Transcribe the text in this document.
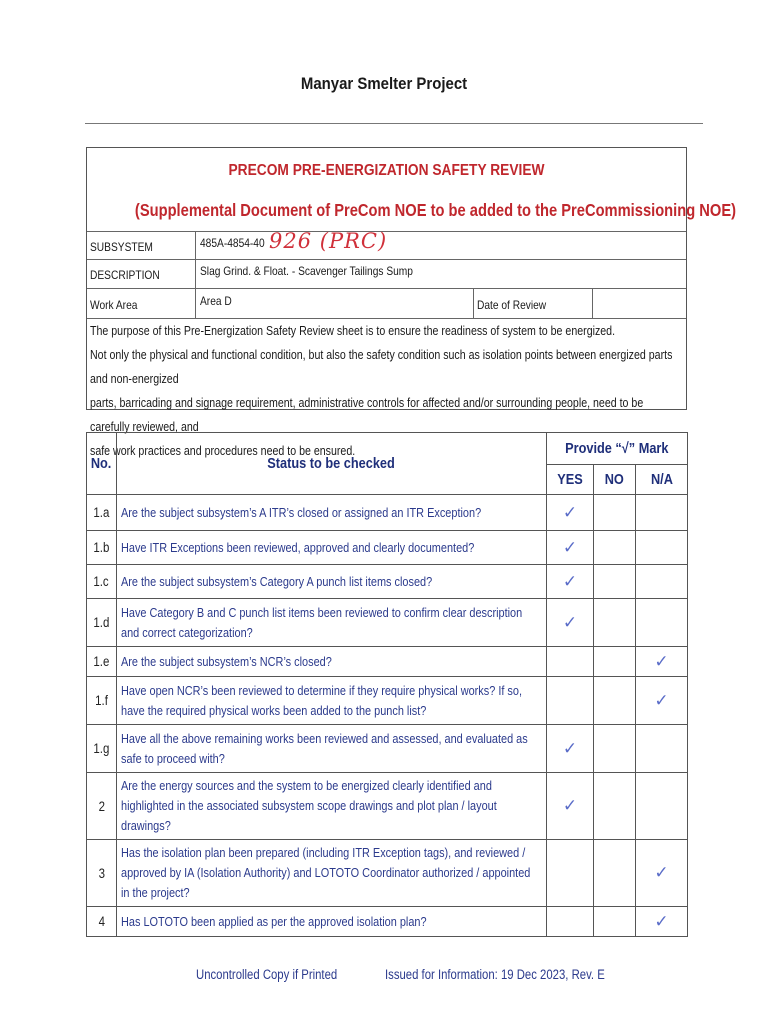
Manyar Smelter Project
PRECOM PRE-ENERGIZATION SAFETY REVIEW
(Supplemental Document of PreCom NOE to be added to the PreCommissioning NOE)
SUBSYSTEM	485A-4854-40 926 (PRC)
DESCRIPTION	Slag Grind. & Float. - Scavenger Tailings Sump
Work Area	Area D	Date of Review
The purpose of this Pre-Energization Safety Review sheet is to ensure the readiness of system to be energized.
Not only the physical and functional condition, but also the safety condition such as isolation points between energized parts and non-energized
parts, barricading and signage requirement, administrative controls for affected and/or surrounding people, need to be carefully reviewed, and
safe work practices and procedures need to be ensured.
No.	Status to be checked	Provide “√” Mark		
		YES	NO	N/A
1.a	Are the subject subsystem’s A ITR’s closed or assigned an ITR Exception?	✓		
1.b	Have ITR Exceptions been reviewed, approved and clearly documented?	✓		
1.c	Are the subject subsystem’s Category A punch list items closed?	✓		
1.d	Have Category B and C punch list items been reviewed to confirm clear description and correct categorization?	✓		
1.e	Are the subject subsystem’s NCR’s closed?			✓
1.f	Have open NCR’s been reviewed to determine if they require physical works? If so, have the required physical works been added to the punch list?			✓
1.g	Have all the above remaining works been reviewed and assessed, and evaluated as safe to proceed with?	✓		
2	Are the energy sources and the system to be energized clearly identified and highlighted in the associated subsystem scope drawings and plot plan / layout drawings?	✓		
3	Has the isolation plan been prepared (including ITR Exception tags), and reviewed / approved by IA (Isolation Authority) and LOTOTO Coordinator authorized / appointed in the project?			✓
4	Has LOTOTO been applied as per the approved isolation plan?			✓
Uncontrolled Copy if Printed	Issued for Information: 19 Dec 2023, Rev. E
